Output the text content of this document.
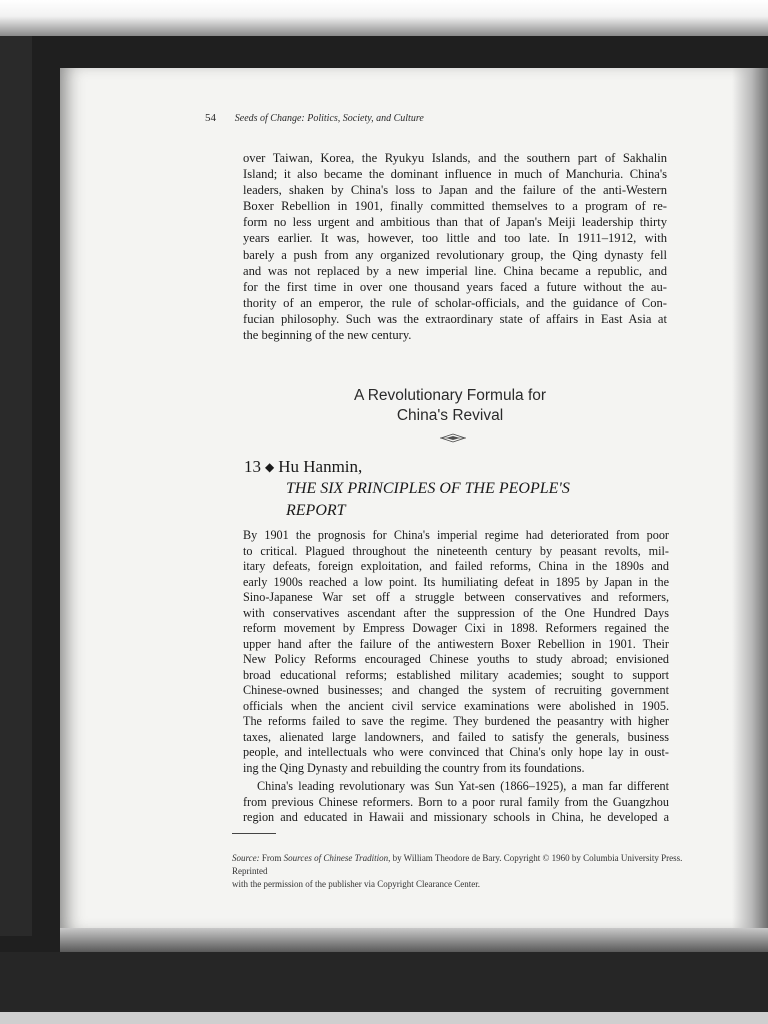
54 Seeds of Change: Politics, Society, and Culture
over Taiwan, Korea, the Ryukyu Islands, and the southern part of Sakhalin
Island; it also became the dominant influence in much of Manchuria. China's
leaders, shaken by China's loss to Japan and the failure of the anti-Western
Boxer Rebellion in 1901, finally committed themselves to a program of re-
form no less urgent and ambitious than that of Japan's Meiji leadership thirty
years earlier. It was, however, too little and too late. In 1911–1912, with
barely a push from any organized revolutionary group, the Qing dynasty fell
and was not replaced by a new imperial line. China became a republic, and
for the first time in over one thousand years faced a future without the au-
thority of an emperor, the rule of scholar-officials, and the guidance of Con-
fucian philosophy. Such was the extraordinary state of affairs in East Asia at
the beginning of the new century.
A Revolutionary Formula for
China's Revival
13 ◆ Hu Hanmin,
THE SIX PRINCIPLES OF THE PEOPLE'S
REPORT
By 1901 the prognosis for China's imperial regime had deteriorated from poor
to critical. Plagued throughout the nineteenth century by peasant revolts, mil-
itary defeats, foreign exploitation, and failed reforms, China in the 1890s and
early 1900s reached a low point. Its humiliating defeat in 1895 by Japan in the
Sino-Japanese War set off a struggle between conservatives and reformers,
with conservatives ascendant after the suppression of the One Hundred Days
reform movement by Empress Dowager Cixi in 1898. Reformers regained the
upper hand after the failure of the antiwestern Boxer Rebellion in 1901. Their
New Policy Reforms encouraged Chinese youths to study abroad; envisioned
broad educational reforms; established military academies; sought to support
Chinese-owned businesses; and changed the system of recruiting government
officials when the ancient civil service examinations were abolished in 1905.
The reforms failed to save the regime. They burdened the peasantry with higher
taxes, alienated large landowners, and failed to satisfy the generals, business
people, and intellectuals who were convinced that China's only hope lay in oust-
ing the Qing Dynasty and rebuilding the country from its foundations.
China's leading revolutionary was Sun Yat-sen (1866–1925), a man far different
from previous Chinese reformers. Born to a poor rural family from the Guangzhou
region and educated in Hawaii and missionary schools in China, he developed a
Source: From Sources of Chinese Tradition, by William Theodore de Bary. Copyright © 1960 by Columbia University Press. Reprinted
with the permission of the publisher via Copyright Clearance Center.
